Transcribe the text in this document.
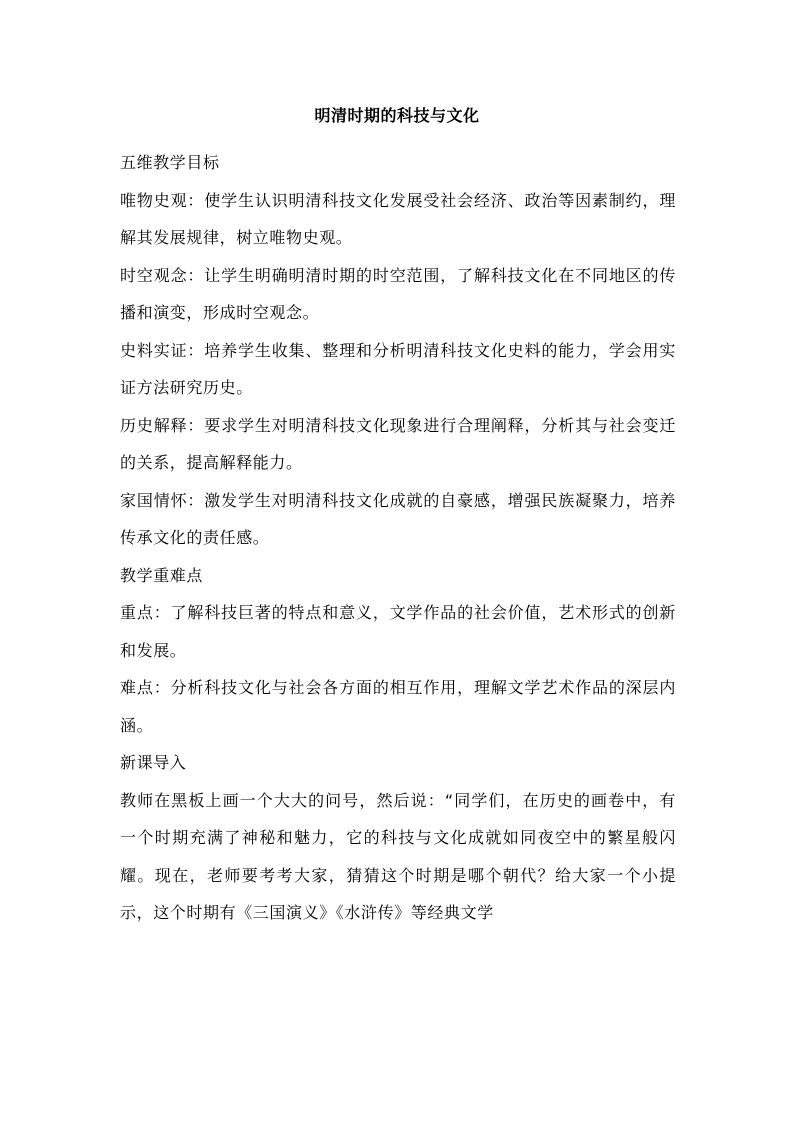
明清时期的科技与文化

五维教学目标

唯物史观：使学生认识明清科技文化发展受社会经济、政治等因素制约，理解其发展规律，树立唯物史观。

时空观念：让学生明确明清时期的时空范围，了解科技文化在不同地区的传播和演变，形成时空观念。

史料实证：培养学生收集、整理和分析明清科技文化史料的能力，学会用实证方法研究历史。

历史解释：要求学生对明清科技文化现象进行合理阐释，分析其与社会变迁的关系，提高解释能力。

家国情怀：激发学生对明清科技文化成就的自豪感，增强民族凝聚力，培养传承文化的责任感。

教学重难点

重点：了解科技巨著的特点和意义，文学作品的社会价值，艺术形式的创新和发展。

难点：分析科技文化与社会各方面的相互作用，理解文学艺术作品的深层内涵。

新课导入

教师在黑板上画一个大大的问号，然后说：“同学们，在历史的画卷中，有一个时期充满了神秘和魅力，它的科技与文化成就如同夜空中的繁星般闪耀。现在，老师要考考大家，猜猜这个时期是哪个朝代？给大家一个小提示，这个时期有《三国演义》《水浒传》等经典文学
